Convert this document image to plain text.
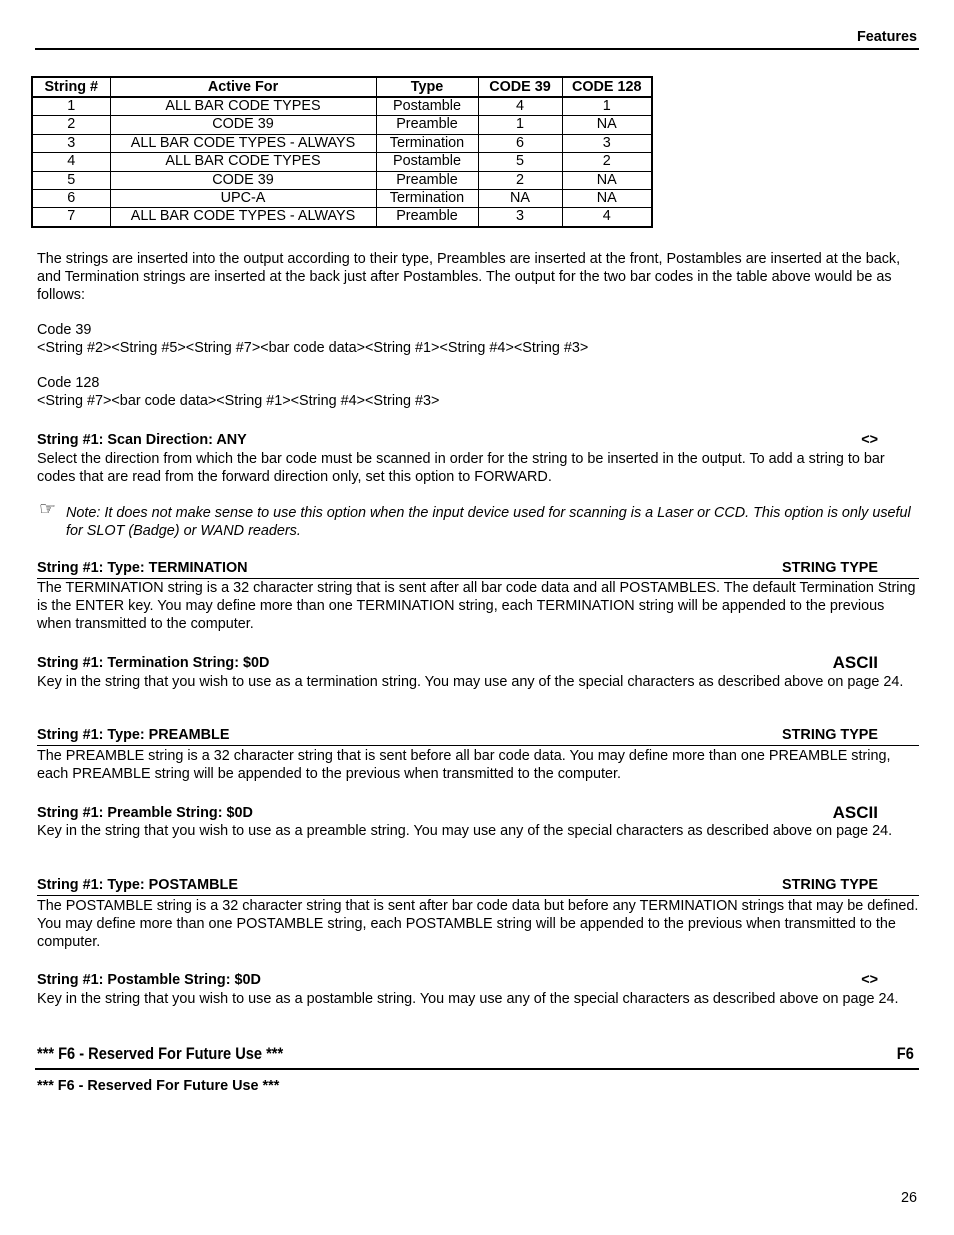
Features
String #	Active For	Type	CODE 39	CODE 128
1	ALL BAR CODE TYPES	Postamble	4	1
2	CODE 39	Preamble	1	NA
3	ALL BAR CODE TYPES - ALWAYS	Termination	6	3
4	ALL BAR CODE TYPES	Postamble	5	2
5	CODE 39	Preamble	2	NA
6	UPC-A	Termination	NA	NA
7	ALL BAR CODE TYPES - ALWAYS	Preamble	3	4
The strings are inserted into the output according to their type, Preambles are inserted at the front, Postambles are inserted at the back, and Termination strings are inserted at the back just after Postambles. The output for the two bar codes in the table above would be as follows:
Code 39
<String #2><String #5><String #7><bar code data><String #1><String #4><String #3>
Code 128
<String #7><bar code data><String #1><String #4><String #3>
String #1: Scan Direction: ANY	<>
Select the direction from which the bar code must be scanned in order for the string to be inserted in the output. To add a string to bar codes that are read from the forward direction only, set this option to FORWARD.
☞ Note: It does not make sense to use this option when the input device used for scanning is a Laser or CCD. This option is only useful for SLOT (Badge) or WAND readers.
String #1: Type: TERMINATION	STRING TYPE
The TERMINATION string is a 32 character string that is sent after all bar code data and all POSTAMBLES. The default Termination String is the ENTER key. You may define more than one TERMINATION string, each TERMINATION string will be appended to the previous when transmitted to the computer.
String #1: Termination String: $0D	ASCII
Key in the string that you wish to use as a termination string. You may use any of the special characters as described above on page 24.
String #1: Type: PREAMBLE	STRING TYPE
The PREAMBLE string is a 32 character string that is sent before all bar code data. You may define more than one PREAMBLE string, each PREAMBLE string will be appended to the previous when transmitted to the computer.
String #1: Preamble String: $0D	ASCII
Key in the string that you wish to use as a preamble string. You may use any of the special characters as described above on page 24.
String #1: Type: POSTAMBLE	STRING TYPE
The POSTAMBLE string is a 32 character string that is sent after bar code data but before any TERMINATION strings that may be defined. You may define more than one POSTAMBLE string, each POSTAMBLE string will be appended to the previous when transmitted to the computer.
String #1: Postamble String: $0D	<>
Key in the string that you wish to use as a postamble string. You may use any of the special characters as described above on page 24.
*** F6 - Reserved For Future Use ***	F6
*** F6 - Reserved For Future Use ***
26
